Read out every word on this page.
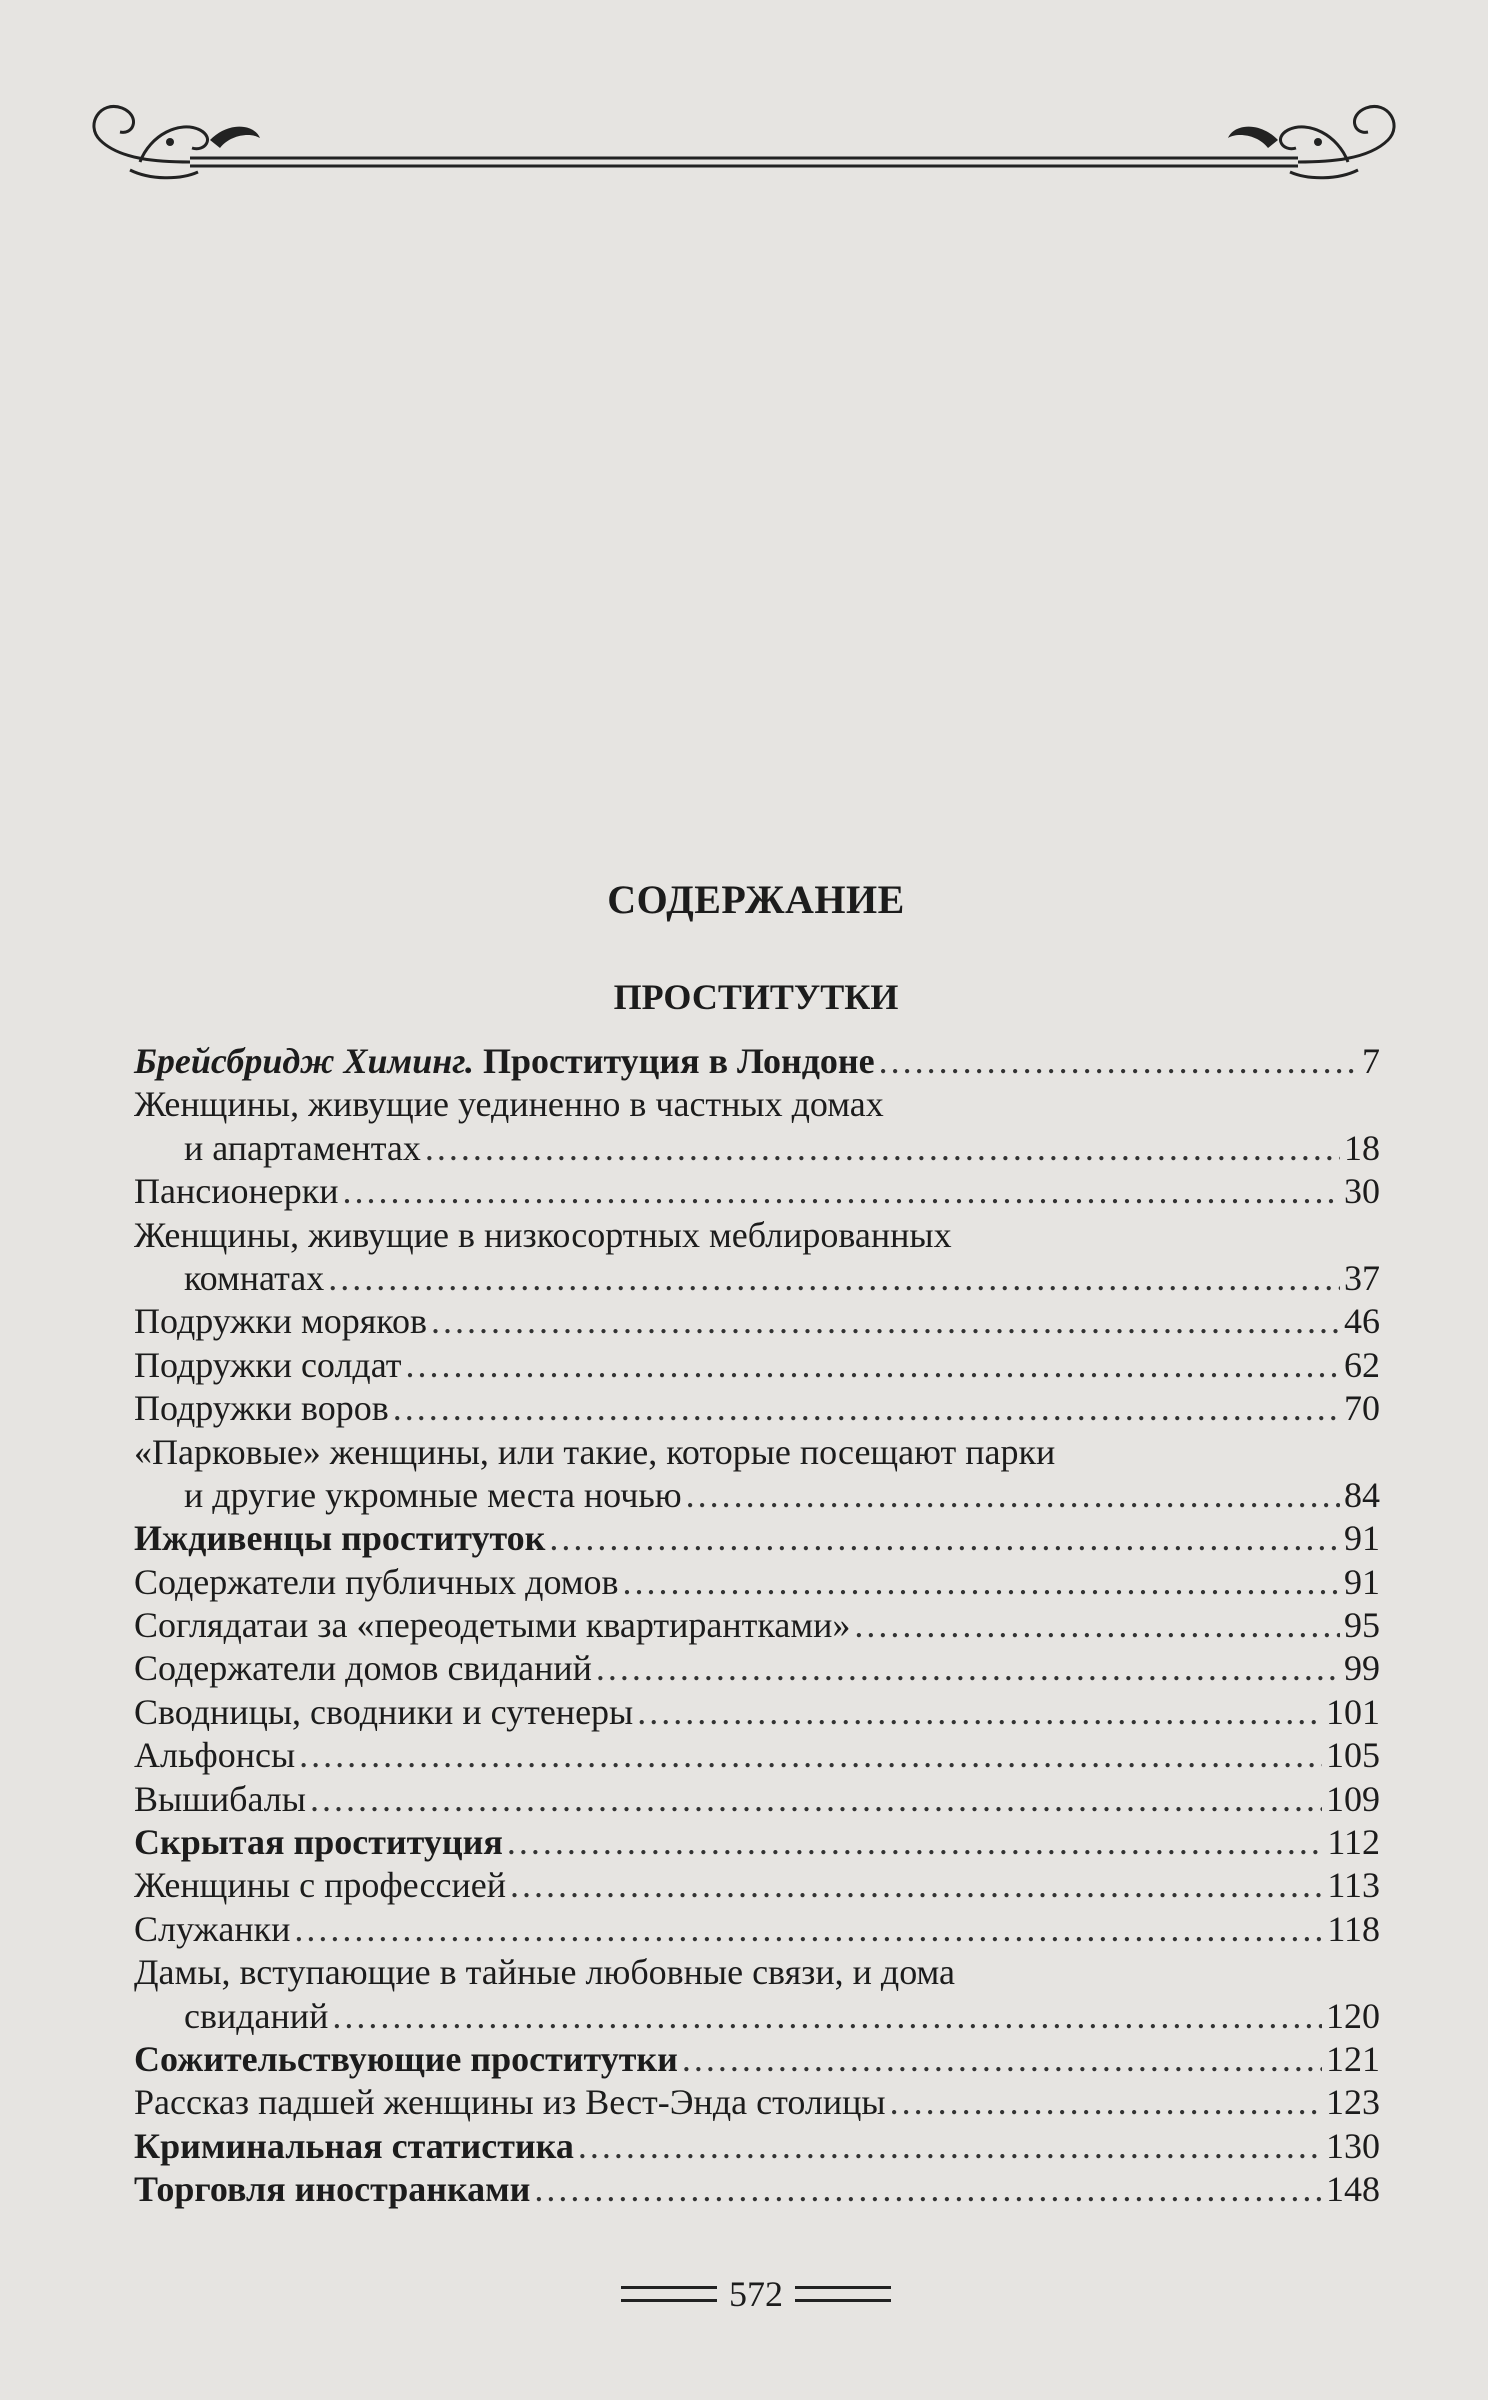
СОДЕРЖАНИЕ
ПРОСТИТУТКИ
Брейсбридж Химинг. Проституция в Лондоне .....	7
Женщины, живущие уединенно в частных домах
и апартаментах .....	18
Пансионерки .....	30
Женщины, живущие в низкосортных меблированных
комнатах .....	37
Подружки моряков .....	46
Подружки солдат .....	62
Подружки воров .....	70
«Парковые» женщины, или такие, которые посещают парки
и другие укромные места ночью .....	84
Иждивенцы проституток .....	91
Содержатели публичных домов .....	91
Соглядатаи за «переодетыми квартирантками» .....	95
Содержатели домов свиданий .....	99
Сводницы, сводники и сутенеры .....	101
Альфонсы .....	105
Вышибалы .....	109
Скрытая проституция .....	112
Женщины с профессией .....	113
Служанки .....	118
Дамы, вступающие в тайные любовные связи, и дома
свиданий .....	120
Сожительствующие проститутки .....	121
Рассказ падшей женщины из Вест-Энда столицы .....	123
Криминальная статистика .....	130
Торговля иностранками .....	148
572
